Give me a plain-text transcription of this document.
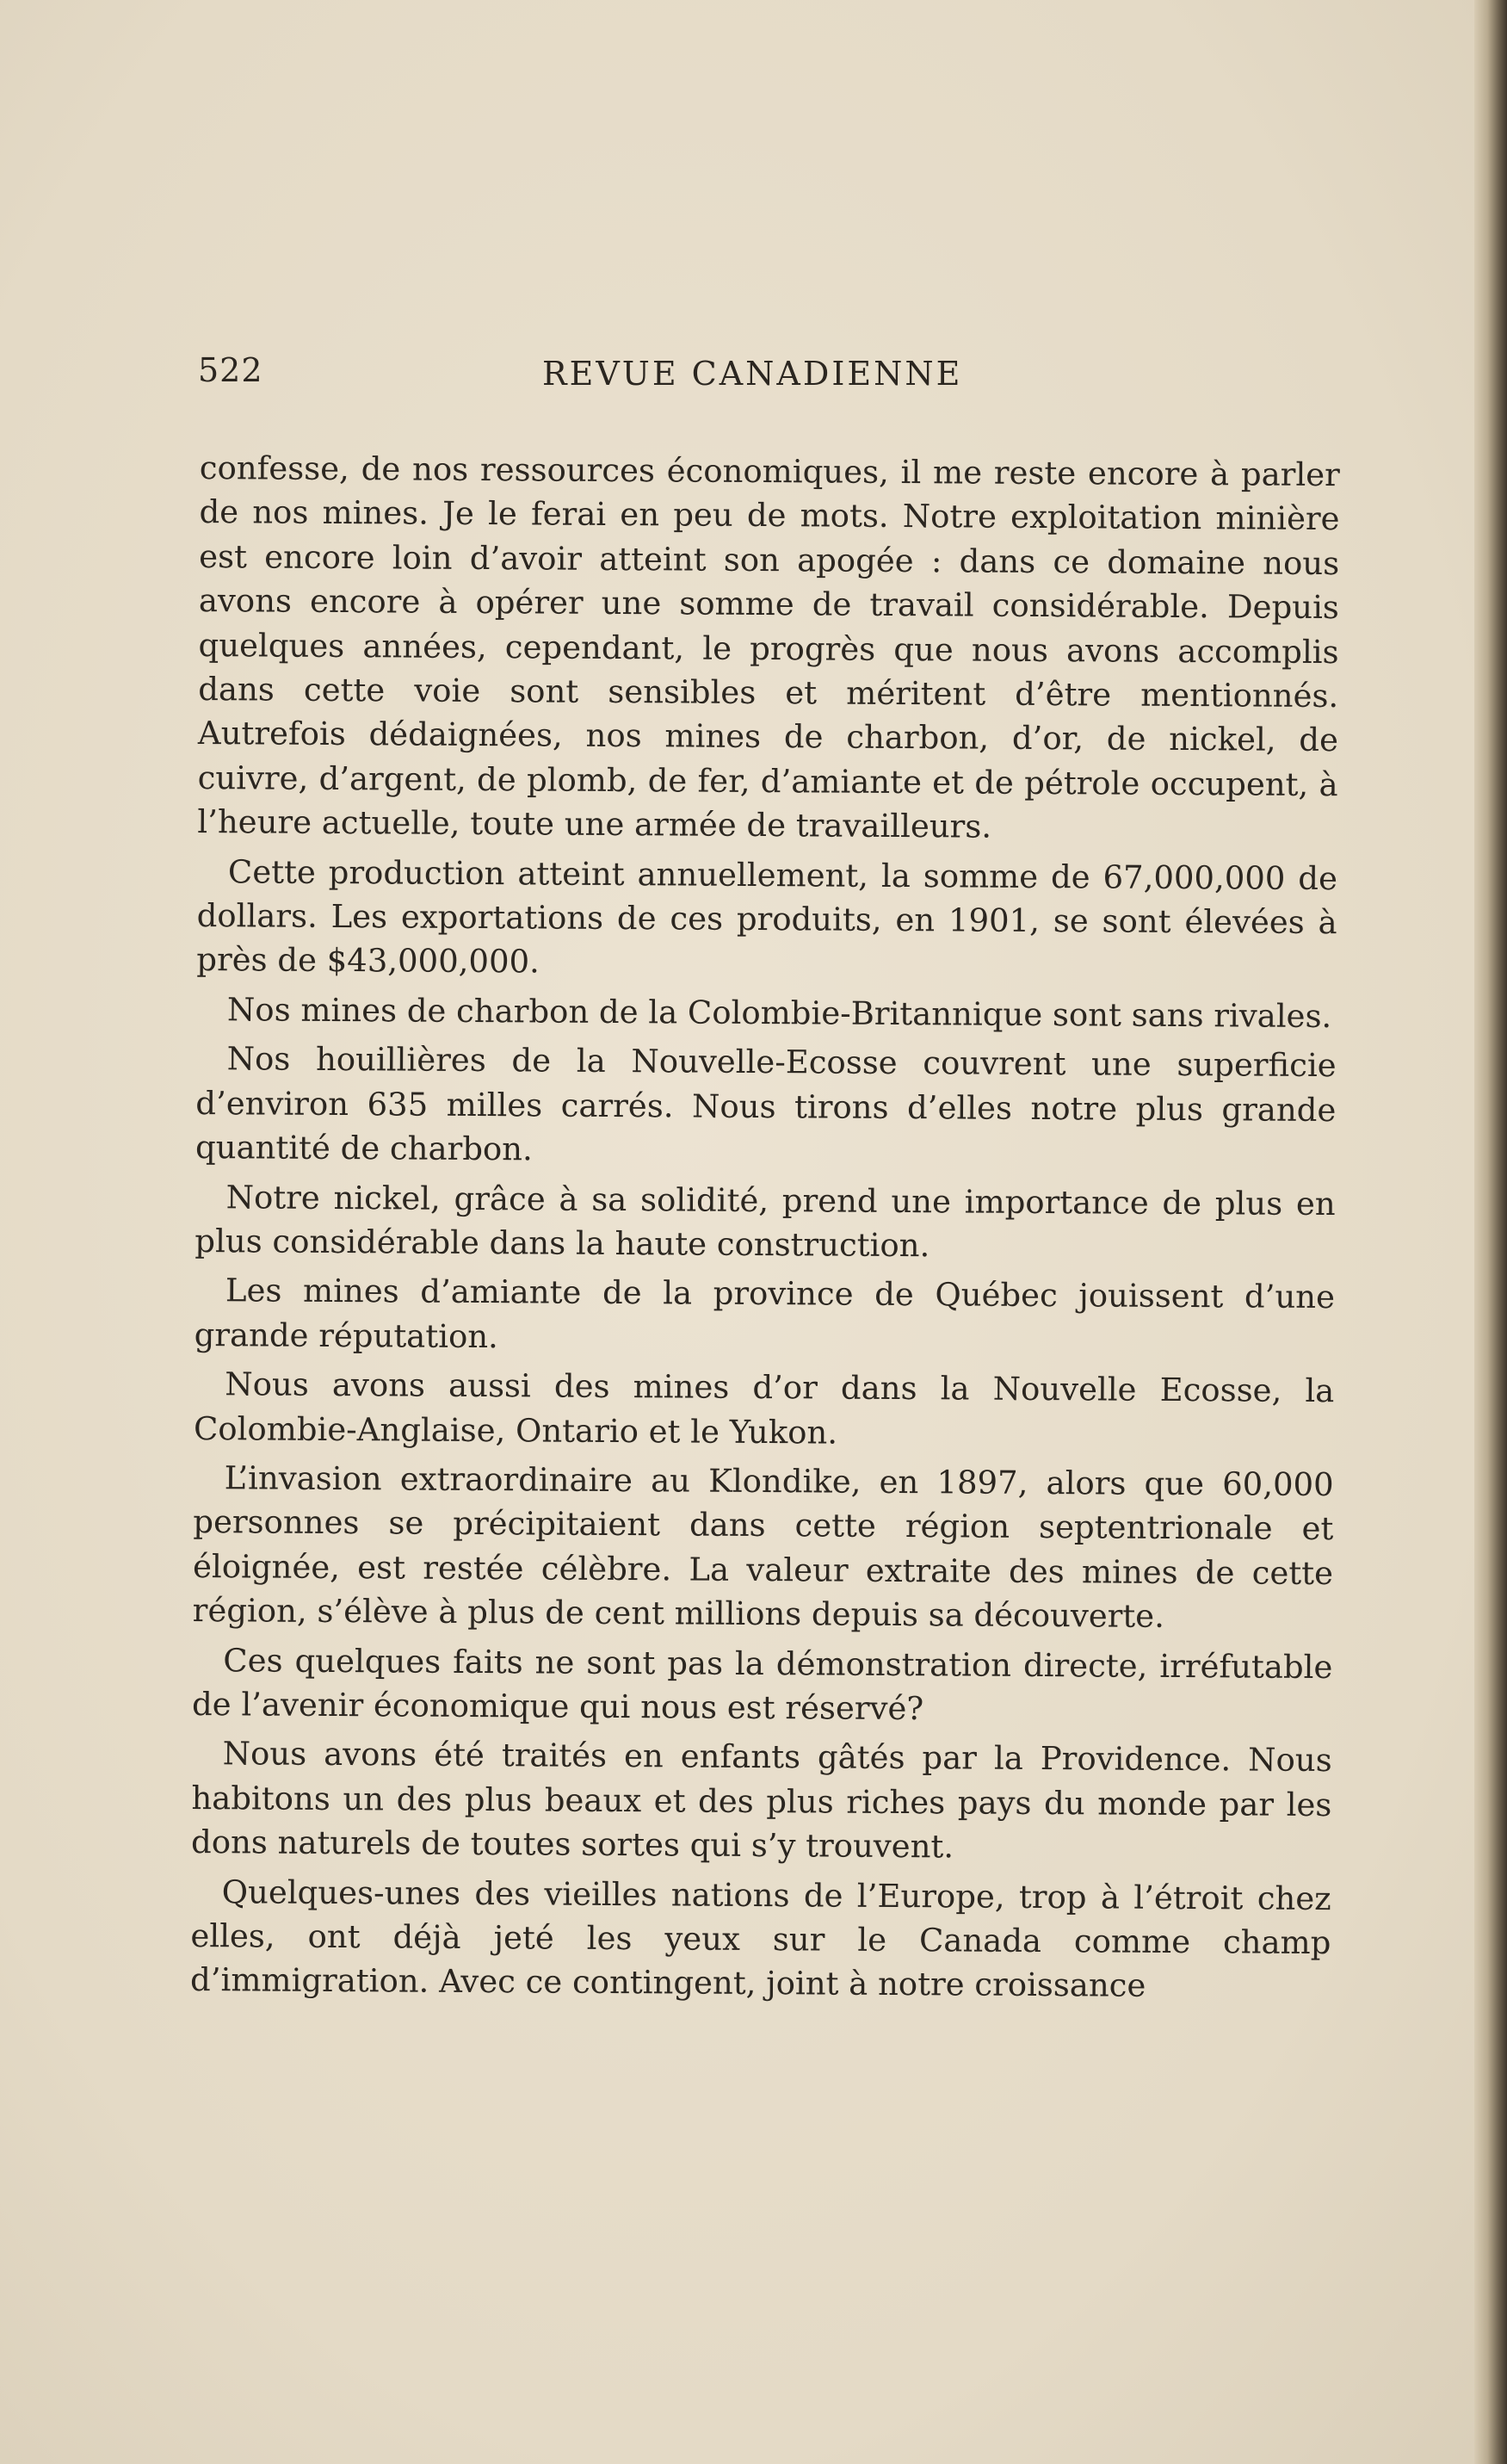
522	REVUE CANADIENNE

confesse, de nos ressources économiques, il me reste encore à parler de nos mines. Je le ferai en peu de mots. Notre exploitation minière est encore loin d’avoir atteint son apogée : dans ce domaine nous avons encore à opérer une somme de travail considérable. Depuis quelques années, cependant, le progrès que nous avons accomplis dans cette voie sont sensibles et méritent d’être mentionnés. Autrefois dédaignées, nos mines de charbon, d’or, de nickel, de cuivre, d’argent, de plomb, de fer, d’amiante et de pétrole occupent, à l’heure actuelle, toute une armée de travailleurs.

Cette production atteint annuellement, la somme de 67,000,000 de dollars. Les exportations de ces produits, en 1901, se sont élevées à près de $43,000,000.

Nos mines de charbon de la Colombie-Britannique sont sans rivales.

Nos houillières de la Nouvelle-Ecosse couvrent une superficie d’environ 635 milles carrés. Nous tirons d’elles notre plus grande quantité de charbon.

Notre nickel, grâce à sa solidité, prend une importance de plus en plus considérable dans la haute construction.

Les mines d’amiante de la province de Québec jouissent d’une grande réputation.

Nous avons aussi des mines d’or dans la Nouvelle Ecosse, la Colombie-Anglaise, Ontario et le Yukon.

L’invasion extraordinaire au Klondike, en 1897, alors que 60,000 personnes se précipitaient dans cette région septentrionale et éloignée, est restée célèbre. La valeur extraite des mines de cette région, s’élève à plus de cent millions depuis sa découverte.

Ces quelques faits ne sont pas la démonstration directe, irréfutable de l’avenir économique qui nous est réservé?

Nous avons été traités en enfants gâtés par la Providence. Nous habitons un des plus beaux et des plus riches pays du monde par les dons naturels de toutes sortes qui s’y trouvent.

Quelques-unes des vieilles nations de l’Europe, trop à l’étroit chez elles, ont déjà jeté les yeux sur le Canada comme champ d’immigration. Avec ce contingent, joint à notre croissance
